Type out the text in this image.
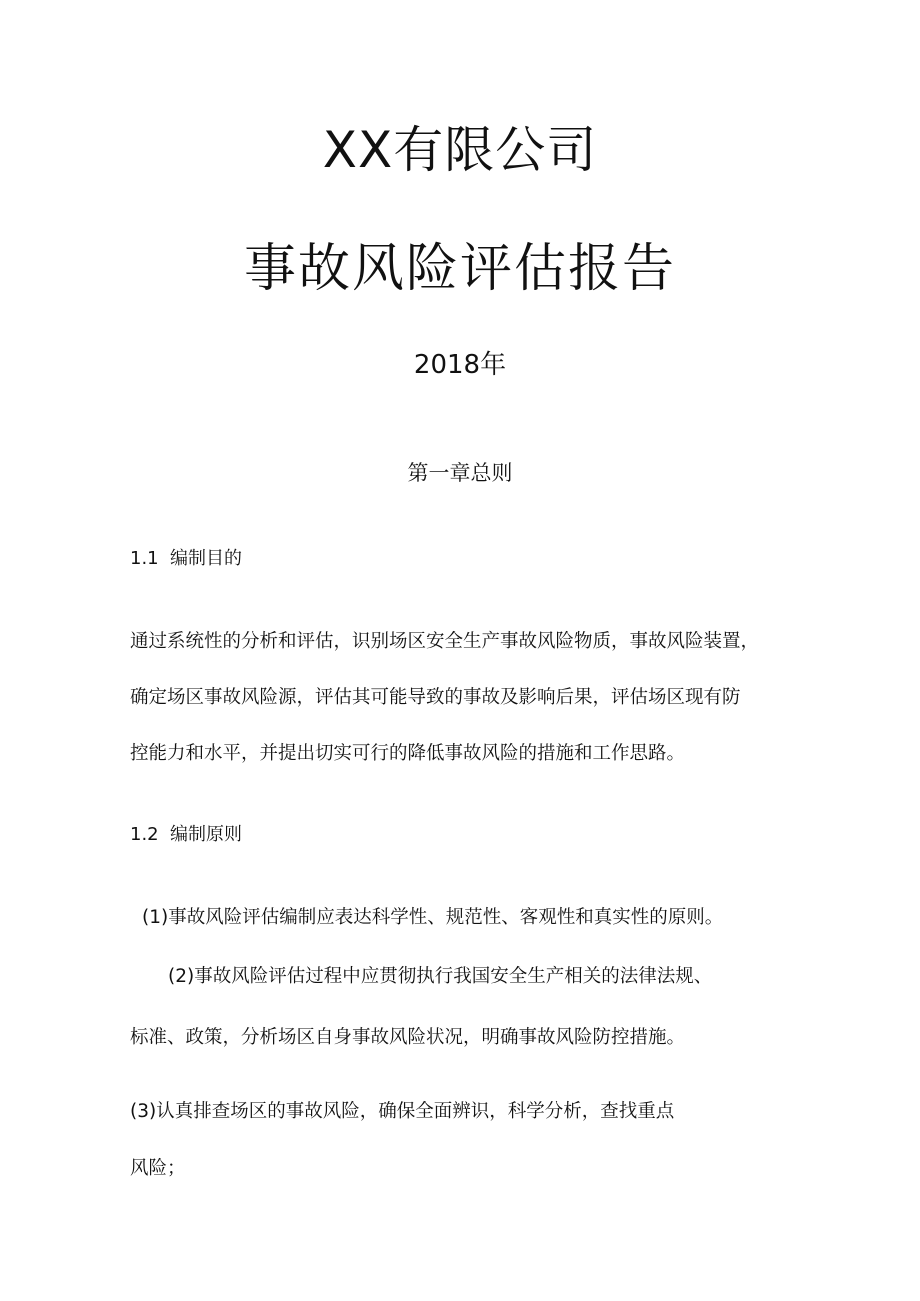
XX有限公司
事故风险评估报告
2018年
第一章总则
1.1 编制目的
通过系统性的分析和评估，识别场区安全生产事故风险物质，事故风险装置，
确定场区事故风险源，评估其可能导致的事故及影响后果，评估场区现有防
控能力和水平，并提出切实可行的降低事故风险的措施和工作思路。
1.2 编制原则
(1)事故风险评估编制应表达科学性、规范性、客观性和真实性的原则。
(2)事故风险评估过程中应贯彻执行我国安全生产相关的法律法规、
标准、政策，分析场区自身事故风险状况，明确事故风险防控措施。
(3)认真排查场区的事故风险，确保全面辨识，科学分析，查找重点
风险；
